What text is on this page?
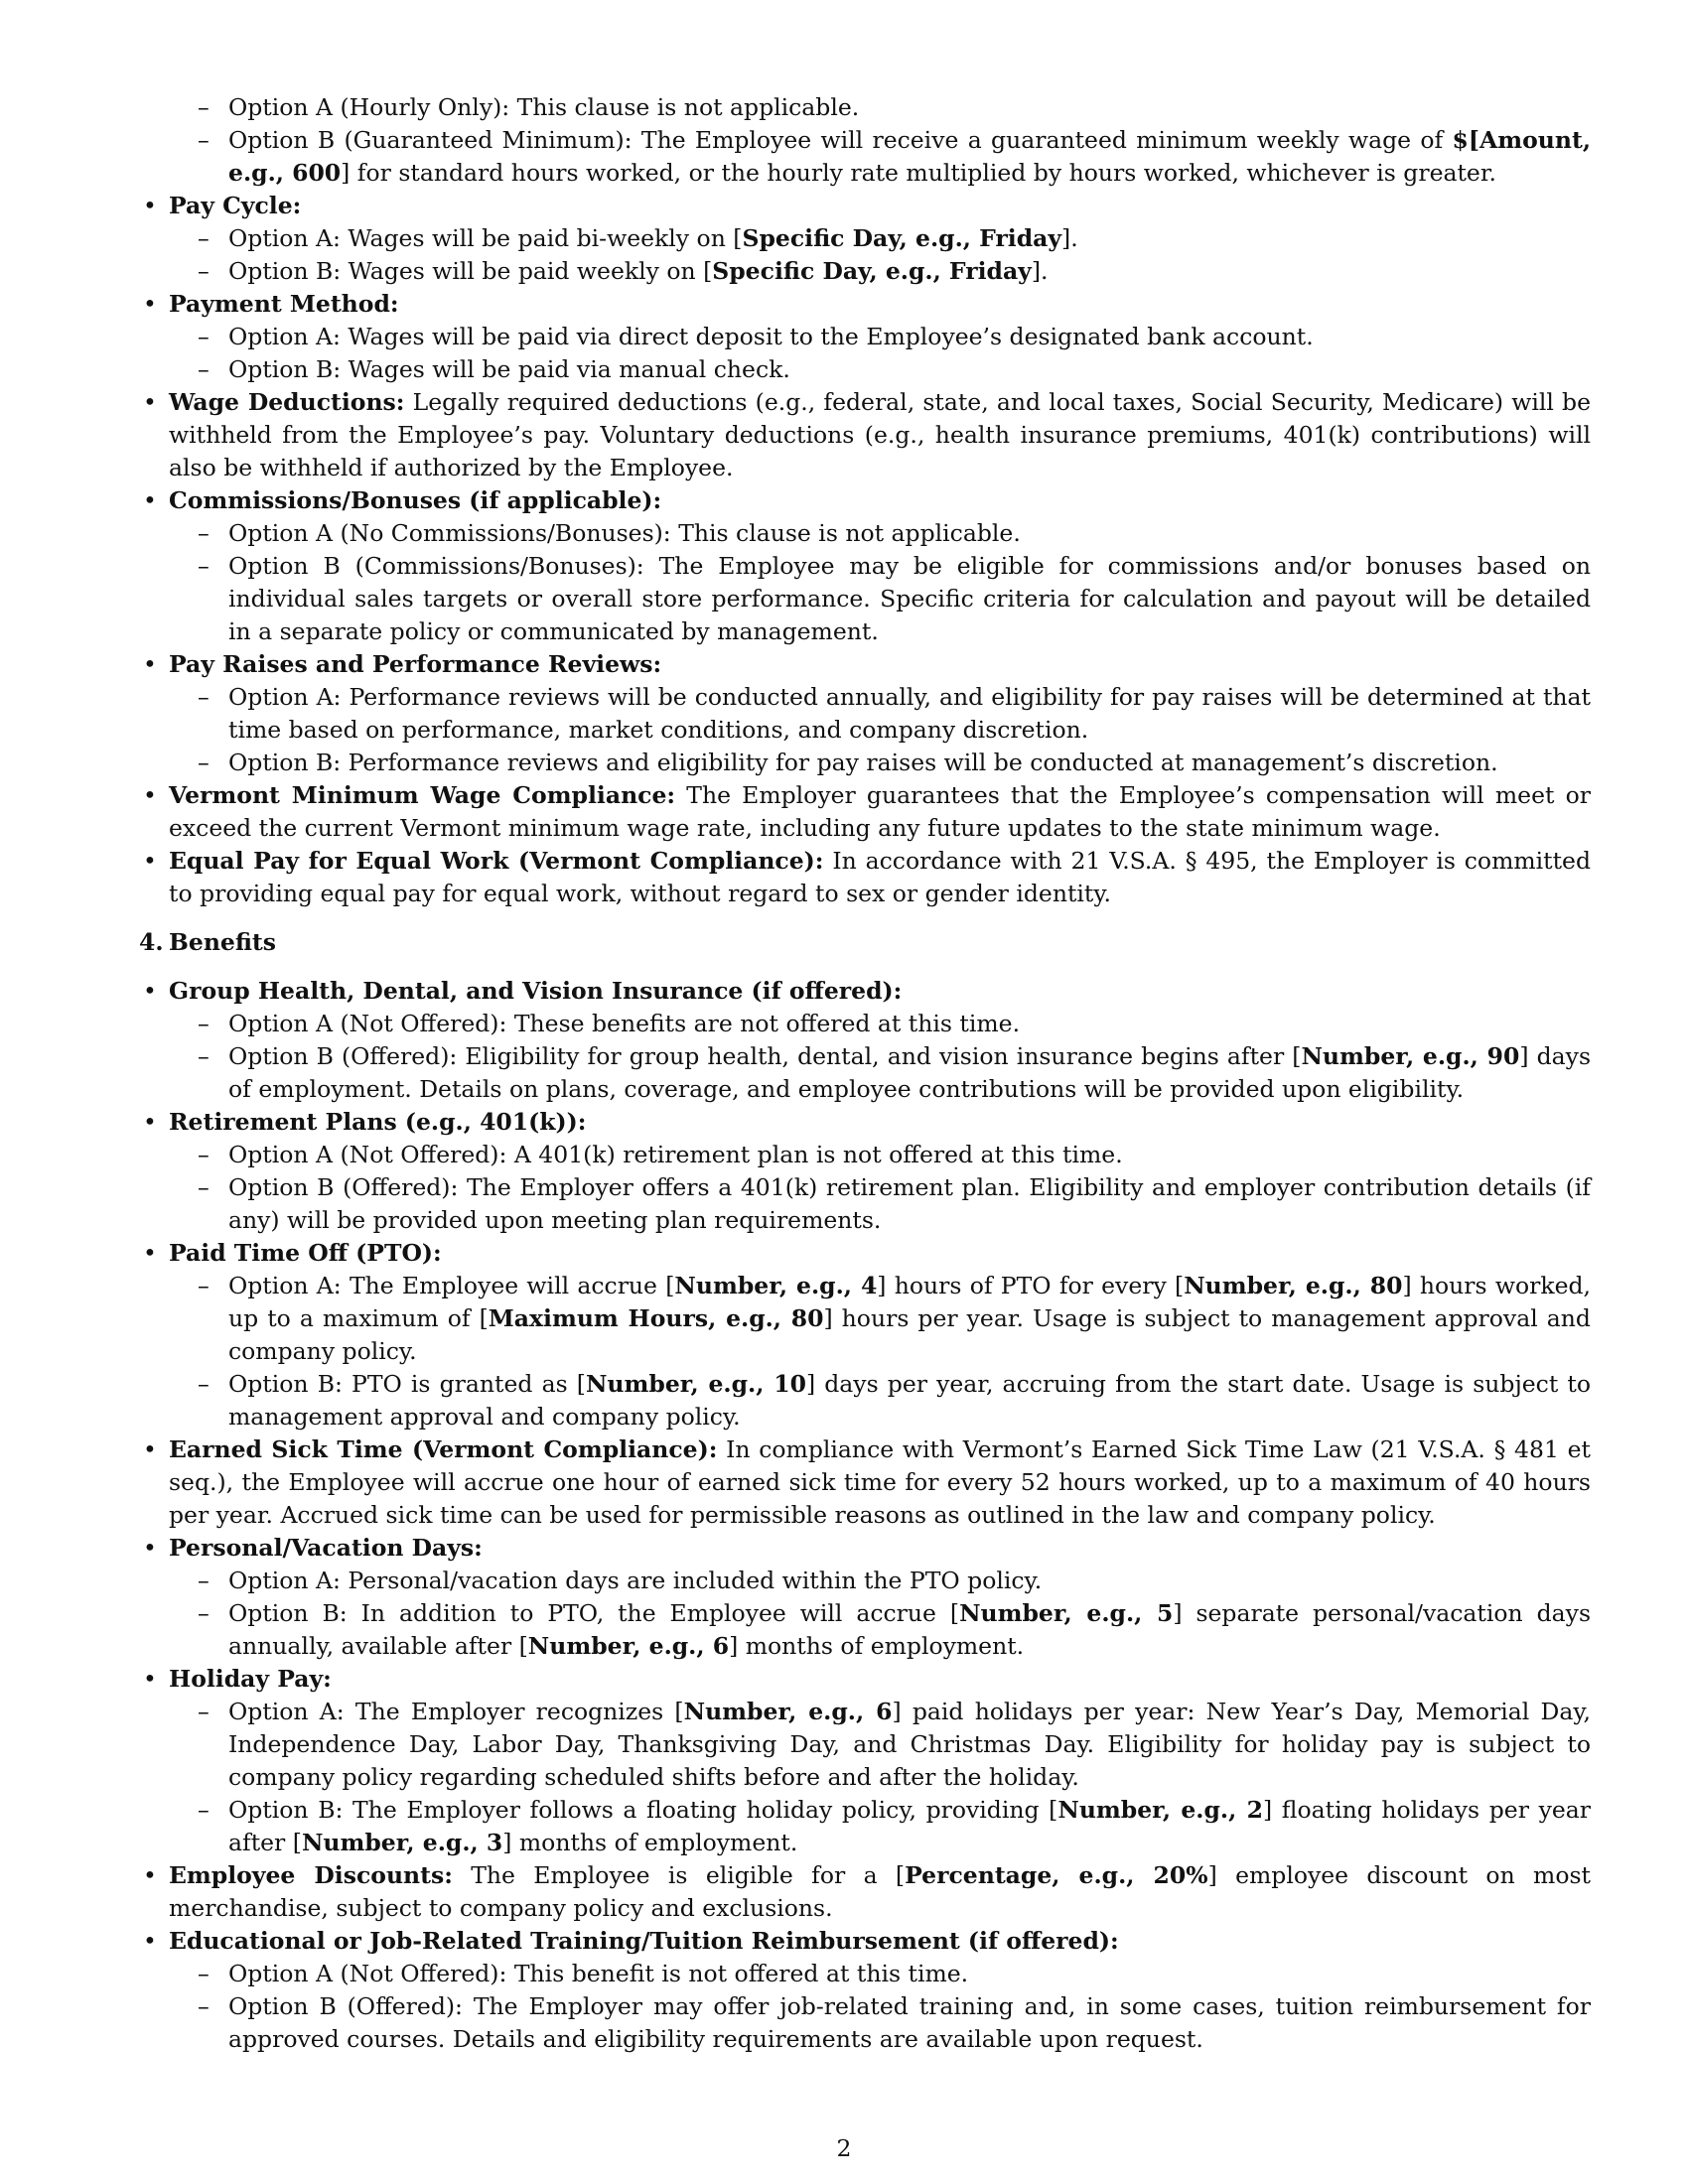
– Option A (Hourly Only): This clause is not applicable.
– Option B (Guaranteed Minimum): The Employee will receive a guaranteed minimum weekly wage of $[Amount, e.g., 600] for standard hours worked, or the hourly rate multiplied by hours worked, whichever is greater.
• Pay Cycle:
– Option A: Wages will be paid bi-weekly on [Specific Day, e.g., Friday].
– Option B: Wages will be paid weekly on [Specific Day, e.g., Friday].
• Payment Method:
– Option A: Wages will be paid via direct deposit to the Employee’s designated bank account.
– Option B: Wages will be paid via manual check.
• Wage Deductions: Legally required deductions (e.g., federal, state, and local taxes, Social Security, Medicare) will be withheld from the Employee’s pay. Voluntary deductions (e.g., health insurance premiums, 401(k) contributions) will also be withheld if authorized by the Employee.
• Commissions/Bonuses (if applicable):
– Option A (No Commissions/Bonuses): This clause is not applicable.
– Option B (Commissions/Bonuses): The Employee may be eligible for commissions and/or bonuses based on individual sales targets or overall store performance. Specific criteria for calculation and payout will be detailed in a separate policy or communicated by management.
• Pay Raises and Performance Reviews:
– Option A: Performance reviews will be conducted annually, and eligibility for pay raises will be determined at that time based on performance, market conditions, and company discretion.
– Option B: Performance reviews and eligibility for pay raises will be conducted at management’s discretion.
• Vermont Minimum Wage Compliance: The Employer guarantees that the Employee’s compensation will meet or exceed the current Vermont minimum wage rate, including any future updates to the state minimum wage.
• Equal Pay for Equal Work (Vermont Compliance): In accordance with 21 V.S.A. § 495, the Employer is committed to providing equal pay for equal work, without regard to sex or gender identity.
4. Benefits
• Group Health, Dental, and Vision Insurance (if offered):
– Option A (Not Offered): These benefits are not offered at this time.
– Option B (Offered): Eligibility for group health, dental, and vision insurance begins after [Number, e.g., 90] days of employment. Details on plans, coverage, and employee contributions will be provided upon eligibility.
• Retirement Plans (e.g., 401(k)):
– Option A (Not Offered): A 401(k) retirement plan is not offered at this time.
– Option B (Offered): The Employer offers a 401(k) retirement plan. Eligibility and employer contribution details (if any) will be provided upon meeting plan requirements.
• Paid Time Off (PTO):
– Option A: The Employee will accrue [Number, e.g., 4] hours of PTO for every [Number, e.g., 80] hours worked, up to a maximum of [Maximum Hours, e.g., 80] hours per year. Usage is subject to management approval and company policy.
– Option B: PTO is granted as [Number, e.g., 10] days per year, accruing from the start date. Usage is subject to management approval and company policy.
• Earned Sick Time (Vermont Compliance): In compliance with Vermont’s Earned Sick Time Law (21 V.S.A. § 481 et seq.), the Employee will accrue one hour of earned sick time for every 52 hours worked, up to a maximum of 40 hours per year. Accrued sick time can be used for permissible reasons as outlined in the law and company policy.
• Personal/Vacation Days:
– Option A: Personal/vacation days are included within the PTO policy.
– Option B: In addition to PTO, the Employee will accrue [Number, e.g., 5] separate personal/vacation days annually, available after [Number, e.g., 6] months of employment.
• Holiday Pay:
– Option A: The Employer recognizes [Number, e.g., 6] paid holidays per year: New Year’s Day, Memorial Day, Independence Day, Labor Day, Thanksgiving Day, and Christmas Day. Eligibility for holiday pay is subject to company policy regarding scheduled shifts before and after the holiday.
– Option B: The Employer follows a floating holiday policy, providing [Number, e.g., 2] floating holidays per year after [Number, e.g., 3] months of employment.
• Employee Discounts: The Employee is eligible for a [Percentage, e.g., 20%] employee discount on most merchandise, subject to company policy and exclusions.
• Educational or Job-Related Training/Tuition Reimbursement (if offered):
– Option A (Not Offered): This benefit is not offered at this time.
– Option B (Offered): The Employer may offer job-related training and, in some cases, tuition reimbursement for approved courses. Details and eligibility requirements are available upon request.
2
